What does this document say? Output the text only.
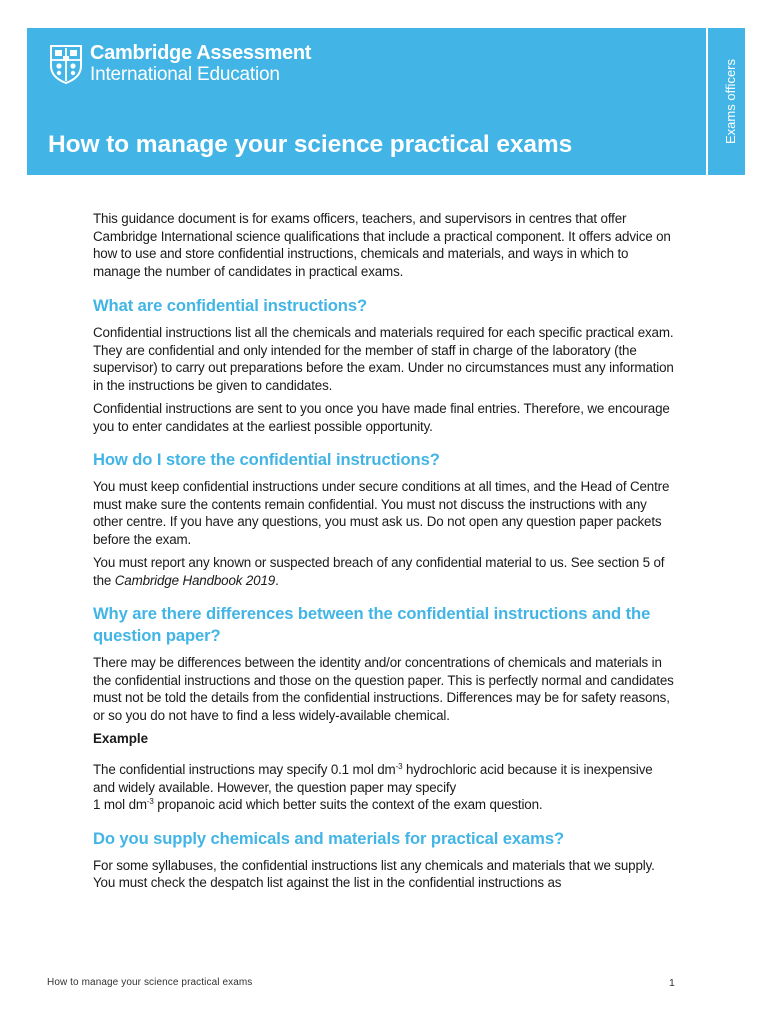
Cambridge Assessment
International Education
How to manage your science practical exams
Exams officers

This guidance document is for exams officers, teachers, and supervisors in centres that offer Cambridge International science qualifications that include a practical component. It offers advice on how to use and store confidential instructions, chemicals and materials, and ways in which to manage the number of candidates in practical exams.

What are confidential instructions?

Confidential instructions list all the chemicals and materials required for each specific practical exam. They are confidential and only intended for the member of staff in charge of the laboratory (the supervisor) to carry out preparations before the exam. Under no circumstances must any information in the instructions be given to candidates.

Confidential instructions are sent to you once you have made final entries. Therefore, we encourage you to enter candidates at the earliest possible opportunity.

How do I store the confidential instructions?

You must keep confidential instructions under secure conditions at all times, and the Head of Centre must make sure the contents remain confidential. You must not discuss the instructions with any other centre. If you have any questions, you must ask us. Do not open any question paper packets before the exam.

You must report any known or suspected breach of any confidential material to us. See section 5 of the Cambridge Handbook 2019.

Why are there differences between the confidential instructions and the question paper?

There may be differences between the identity and/or concentrations of chemicals and materials in the confidential instructions and those on the question paper. This is perfectly normal and candidates must not be told the details from the confidential instructions. Differences may be for safety reasons, or so you do not have to find a less widely-available chemical.

Example

The confidential instructions may specify 0.1 mol $dm^{-3}$ hydrochloric acid because it is inexpensive and widely available. However, the question paper may specify
1 mol $dm^{-3}$ propanoic acid which better suits the context of the exam question.

Do you supply chemicals and materials for practical exams?

For some syllabuses, the confidential instructions list any chemicals and materials that we supply. You must check the despatch list against the list in the confidential instructions as

How to manage your science practical exams	1
